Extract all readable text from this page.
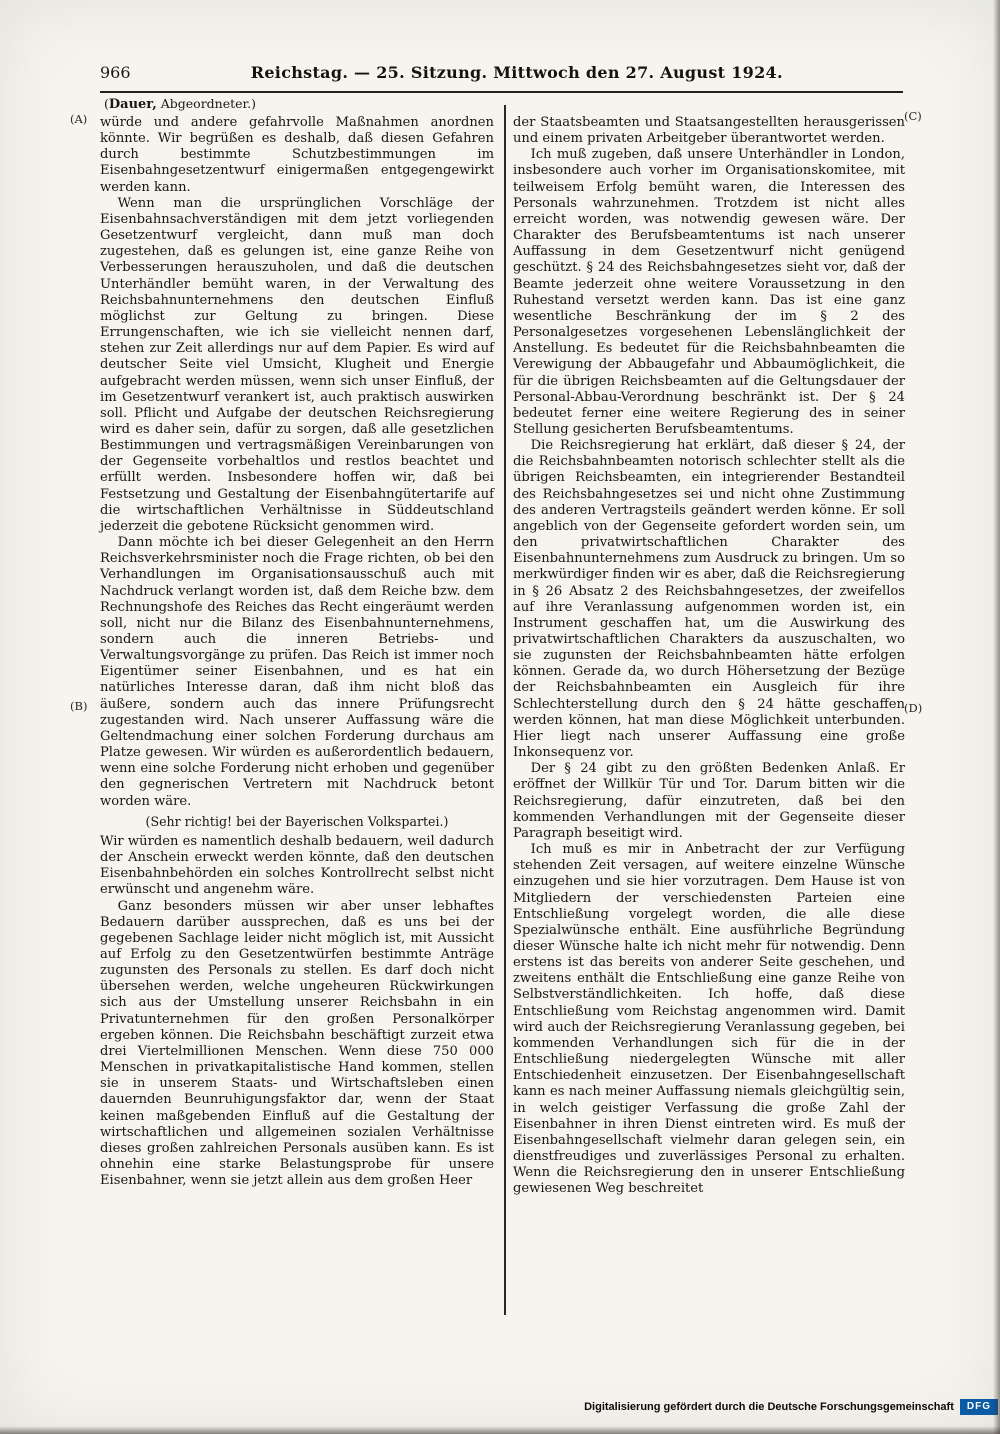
966	Reichstag. — 25. Sitzung. Mittwoch den 27. August 1924.
(Dauer, Abgeordneter.)
(A)
(B)
(C)
(D)

würde und andere gefahrvolle Maßnahmen anordnen könnte. Wir begrüßen es deshalb, daß diesen Gefahren durch bestimmte Schutzbestimmungen im Eisenbahngesetzentwurf einigermaßen entgegengewirkt werden kann.

Wenn man die ursprünglichen Vorschläge der Eisenbahnsachverständigen mit dem jetzt vorliegenden Gesetzentwurf vergleicht, dann muß man doch zugestehen, daß es gelungen ist, eine ganze Reihe von Verbesserungen herauszuholen, und daß die deutschen Unterhändler bemüht waren, in der Verwaltung des Reichsbahnunternehmens den deutschen Einfluß möglichst zur Geltung zu bringen. Diese Errungenschaften, wie ich sie vielleicht nennen darf, stehen zur Zeit allerdings nur auf dem Papier. Es wird auf deutscher Seite viel Umsicht, Klugheit und Energie aufgebracht werden müssen, wenn sich unser Einfluß, der im Gesetzentwurf verankert ist, auch praktisch auswirken soll. Pflicht und Aufgabe der deutschen Reichsregierung wird es daher sein, dafür zu sorgen, daß alle gesetzlichen Bestimmungen und vertragsmäßigen Vereinbarungen von der Gegenseite vorbehaltlos und restlos beachtet und erfüllt werden. Insbesondere hoffen wir, daß bei Festsetzung und Gestaltung der Eisenbahngütertarife auf die wirtschaftlichen Verhältnisse in Süddeutschland jederzeit die gebotene Rücksicht genommen wird.

Dann möchte ich bei dieser Gelegenheit an den Herrn Reichsverkehrsminister noch die Frage richten, ob bei den Verhandlungen im Organisationsausschuß auch mit Nachdruck verlangt worden ist, daß dem Reiche bzw. dem Rechnungshofe des Reiches das Recht eingeräumt werden soll, nicht nur die Bilanz des Eisenbahnunternehmens, sondern auch die inneren Betriebs- und Verwaltungsvorgänge zu prüfen. Das Reich ist immer noch Eigentümer seiner Eisenbahnen, und es hat ein natürliches Interesse daran, daß ihm nicht bloß das äußere, sondern auch das innere Prüfungsrecht zugestanden wird. Nach unserer Auffassung wäre die Geltendmachung einer solchen Forderung durchaus am Platze gewesen. Wir würden es außerordentlich bedauern, wenn eine solche Forderung nicht erhoben und gegenüber den gegnerischen Vertretern mit Nachdruck betont worden wäre.

(Sehr richtig! bei der Bayerischen Volkspartei.)

Wir würden es namentlich deshalb bedauern, weil dadurch der Anschein erweckt werden könnte, daß den deutschen Eisenbahnbehörden ein solches Kontrollrecht selbst nicht erwünscht und angenehm wäre.

Ganz besonders müssen wir aber unser lebhaftes Bedauern darüber aussprechen, daß es uns bei der gegebenen Sachlage leider nicht möglich ist, mit Aussicht auf Erfolg zu den Gesetzentwürfen bestimmte Anträge zugunsten des Personals zu stellen. Es darf doch nicht übersehen werden, welche ungeheuren Rückwirkungen sich aus der Umstellung unserer Reichsbahn in ein Privatunternehmen für den großen Personalkörper ergeben können. Die Reichsbahn beschäftigt zurzeit etwa drei Viertelmillionen Menschen. Wenn diese 750 000 Menschen in privatkapitalistische Hand kommen, stellen sie in unserem Staats- und Wirtschaftsleben einen dauernden Beunruhigungsfaktor dar, wenn der Staat keinen maßgebenden Einfluß auf die Gestaltung der wirtschaftlichen und allgemeinen sozialen Verhältnisse dieses großen zahlreichen Personals ausüben kann. Es ist ohnehin eine starke Belastungsprobe für unsere Eisenbahner, wenn sie jetzt allein aus dem großen Heer

der Staatsbeamten und Staatsangestellten herausgerissen und einem privaten Arbeitgeber überantwortet werden.

Ich muß zugeben, daß unsere Unterhändler in London, insbesondere auch vorher im Organisationskomitee, mit teilweisem Erfolg bemüht waren, die Interessen des Personals wahrzunehmen. Trotzdem ist nicht alles erreicht worden, was notwendig gewesen wäre. Der Charakter des Berufsbeamtentums ist nach unserer Auffassung in dem Gesetzentwurf nicht genügend geschützt. § 24 des Reichsbahngesetzes sieht vor, daß der Beamte jederzeit ohne weitere Voraussetzung in den Ruhestand versetzt werden kann. Das ist eine ganz wesentliche Beschränkung der im § 2 des Personalgesetzes vorgesehenen Lebenslänglichkeit der Anstellung. Es bedeutet für die Reichsbahnbeamten die Verewigung der Abbaugefahr und Abbaumöglichkeit, die für die übrigen Reichsbeamten auf die Geltungsdauer der Personal-Abbau-Verordnung beschränkt ist. Der § 24 bedeutet ferner eine weitere Regierung des in seiner Stellung gesicherten Berufsbeamtentums.

Die Reichsregierung hat erklärt, daß dieser § 24, der die Reichsbahnbeamten notorisch schlechter stellt als die übrigen Reichsbeamten, ein integrierender Bestandteil des Reichsbahngesetzes sei und nicht ohne Zustimmung des anderen Vertragsteils geändert werden könne. Er soll angeblich von der Gegenseite gefordert worden sein, um den privatwirtschaftlichen Charakter des Eisenbahnunternehmens zum Ausdruck zu bringen. Um so merkwürdiger finden wir es aber, daß die Reichsregierung in § 26 Absatz 2 des Reichsbahngesetzes, der zweifellos auf ihre Veranlassung aufgenommen worden ist, ein Instrument geschaffen hat, um die Auswirkung des privatwirtschaftlichen Charakters da auszuschalten, wo sie zugunsten der Reichsbahnbeamten hätte erfolgen können. Gerade da, wo durch Höhersetzung der Bezüge der Reichsbahnbeamten ein Ausgleich für ihre Schlechterstellung durch den § 24 hätte geschaffen werden können, hat man diese Möglichkeit unterbunden. Hier liegt nach unserer Auffassung eine große Inkonsequenz vor.

Der § 24 gibt zu den größten Bedenken Anlaß. Er eröffnet der Willkür Tür und Tor. Darum bitten wir die Reichsregierung, dafür einzutreten, daß bei den kommenden Verhandlungen mit der Gegenseite dieser Paragraph beseitigt wird.

Ich muß es mir in Anbetracht der zur Verfügung stehenden Zeit versagen, auf weitere einzelne Wünsche einzugehen und sie hier vorzutragen. Dem Hause ist von Mitgliedern der verschiedensten Parteien eine Entschließung vorgelegt worden, die alle diese Spezialwünsche enthält. Eine ausführliche Begründung dieser Wünsche halte ich nicht mehr für notwendig. Denn erstens ist das bereits von anderer Seite geschehen, und zweitens enthält die Entschließung eine ganze Reihe von Selbstverständlichkeiten. Ich hoffe, daß diese Entschließung vom Reichstag angenommen wird. Damit wird auch der Reichsregierung Veranlassung gegeben, bei kommenden Verhandlungen sich für die in der Entschließung niedergelegten Wünsche mit aller Entschiedenheit einzusetzen. Der Eisenbahngesellschaft kann es nach meiner Auffassung niemals gleichgültig sein, in welch geistiger Verfassung die große Zahl der Eisenbahner in ihren Dienst eintreten wird. Es muß der Eisenbahngesellschaft vielmehr daran gelegen sein, ein dienstfreudiges und zuverlässiges Personal zu erhalten. Wenn die Reichsregierung den in unserer Entschließung gewiesenen Weg beschreitet

Digitalisierung gefördert durch die Deutsche Forschungsgemeinschaft	DFG
